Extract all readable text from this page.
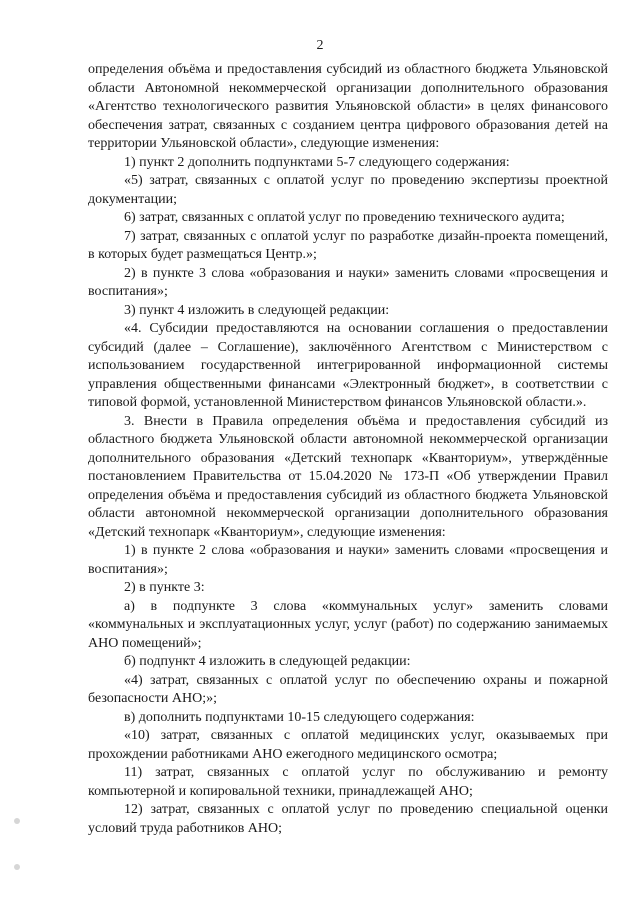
2

определения объёма и предоставления субсидий из областного бюджета Ульяновской области Автономной некоммерческой организации дополнительного образования «Агентство технологического развития Ульяновской области» в целях финансового обеспечения затрат, связанных с созданием центра цифрового образования детей на территории Ульяновской области», следующие изменения:

1) пункт 2 дополнить подпунктами 5-7 следующего содержания:

«5) затрат, связанных с оплатой услуг по проведению экспертизы проектной документации;

6) затрат, связанных с оплатой услуг по проведению технического аудита;

7) затрат, связанных с оплатой услуг по разработке дизайн-проекта помещений, в которых будет размещаться Центр.»;

2) в пункте 3 слова «образования и науки» заменить словами «просвещения и воспитания»;

3) пункт 4 изложить в следующей редакции:

«4. Субсидии предоставляются на основании соглашения о предоставлении субсидий (далее – Соглашение), заключённого Агентством с Министерством с использованием государственной интегрированной информационной системы управления общественными финансами «Электронный бюджет», в соответствии с типовой формой, установленной Министерством финансов Ульяновской области.».

3. Внести в Правила определения объёма и предоставления субсидий из областного бюджета Ульяновской области автономной некоммерческой организации дополнительного образования «Детский технопарк «Кванториум», утверждённые постановлением Правительства от 15.04.2020 № 173-П «Об утверждении Правил определения объёма и предоставления субсидий из областного бюджета Ульяновской области автономной некоммерческой организации дополнительного образования «Детский технопарк «Кванториум», следующие изменения:

1) в пункте 2 слова «образования и науки» заменить словами «просвещения и воспитания»;

2) в пункте 3:

а) в подпункте 3 слова «коммунальных услуг» заменить словами «коммунальных и эксплуатационных услуг, услуг (работ) по содержанию занимаемых АНО помещений»;

б) подпункт 4 изложить в следующей редакции:

«4) затрат, связанных с оплатой услуг по обеспечению охраны и пожарной безопасности АНО;»;

в) дополнить подпунктами 10-15 следующего содержания:

«10) затрат, связанных с оплатой медицинских услуг, оказываемых при прохождении работниками АНО ежегодного медицинского осмотра;

11) затрат, связанных с оплатой услуг по обслуживанию и ремонту компьютерной и копировальной техники, принадлежащей АНО;

12) затрат, связанных с оплатой услуг по проведению специальной оценки условий труда работников АНО;
